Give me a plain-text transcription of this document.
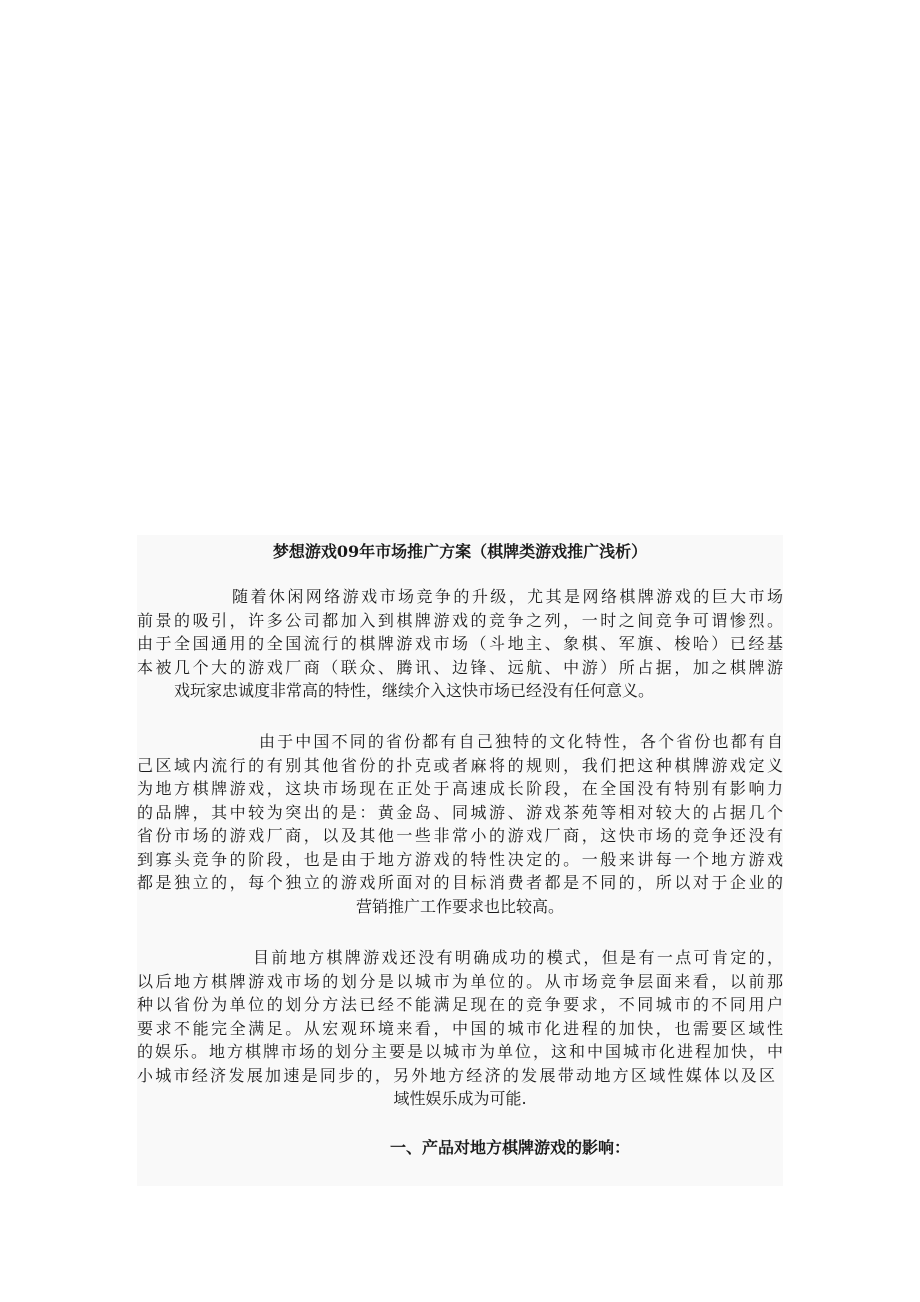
梦想游戏09年市场推广方案（棋牌类游戏推广浅析）
随着休闲网络游戏市场竞争的升级，尤其是网络棋牌游戏的巨大市场
前景的吸引，许多公司都加入到棋牌游戏的竞争之列，一时之间竞争可谓惨烈。
由于全国通用的全国流行的棋牌游戏市场（斗地主、象棋、军旗、梭哈）已经基
本被几个大的游戏厂商（联众、腾讯、边锋、远航、中游）所占据，加之棋牌游
戏玩家忠诚度非常高的特性，继续介入这快市场已经没有任何意义。
由于中国不同的省份都有自己独特的文化特性，各个省份也都有自
己区域内流行的有别其他省份的扑克或者麻将的规则，我们把这种棋牌游戏定义
为地方棋牌游戏，这块市场现在正处于高速成长阶段，在全国没有特别有影响力
的品牌，其中较为突出的是：黄金岛、同城游、游戏茶苑等相对较大的占据几个
省份市场的游戏厂商，以及其他一些非常小的游戏厂商，这快市场的竞争还没有
到寡头竞争的阶段，也是由于地方游戏的特性决定的。一般来讲每一个地方游戏
都是独立的，每个独立的游戏所面对的目标消费者都是不同的，所以对于企业的
营销推广工作要求也比较高。
目前地方棋牌游戏还没有明确成功的模式，但是有一点可肯定的，
以后地方棋牌游戏市场的划分是以城市为单位的。从市场竞争层面来看，以前那
种以省份为单位的划分方法已经不能满足现在的竞争要求，不同城市的不同用户
要求不能完全满足。从宏观环境来看，中国的城市化进程的加快，也需要区域性
的娱乐。地方棋牌市场的划分主要是以城市为单位，这和中国城市化进程加快，中
小城市经济发展加速是同步的，另外地方经济的发展带动地方区域性媒体以及区
域性娱乐成为可能.
一、产品对地方棋牌游戏的影响：
